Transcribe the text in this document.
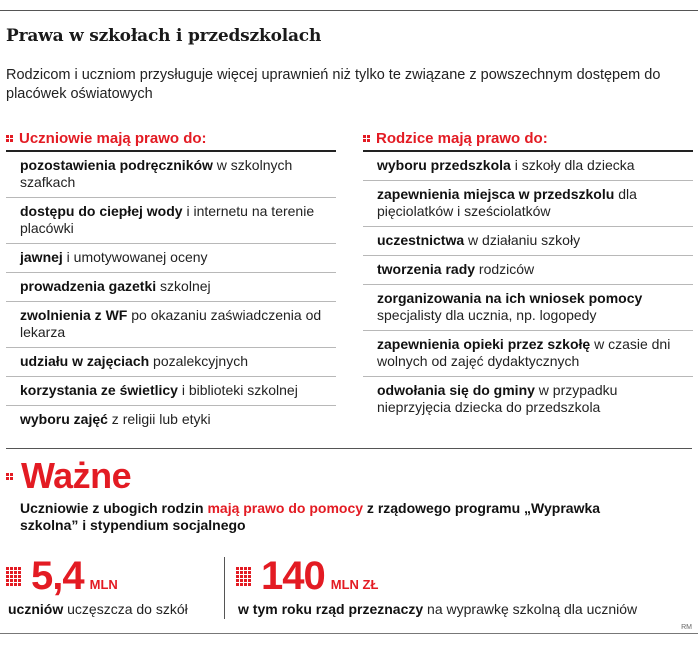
Prawa w szkołach i przedszkolach

Rodzicom i uczniom przysługuje więcej uprawnień niż tylko te związane z powszechnym dostępem do placówek oświatowych

Uczniowie mają prawo do:
pozostawienia podręczników w szkolnych szafkach
dostępu do ciepłej wody i internetu na terenie placówki
jawnej i umotywowanej oceny
prowadzenia gazetki szkolnej
zwolnienia z WF po okazaniu zaświadczenia od lekarza
udziału w zajęciach pozalekcyjnych
korzystania ze świetlicy i biblioteki szkolnej
wyboru zajęć z religii lub etyki
Rodzice mają prawo do:
wyboru przedszkola i szkoły dla dziecka
zapewnienia miejsca w przedszkolu dla pięciolatków i sześciolatków
uczestnictwa w działaniu szkoły
tworzenia rady rodziców
zorganizowania na ich wniosek pomocy specjalisty dla ucznia, np. logopedy
zapewnienia opieki przez szkołę w czasie dni wolnych od zajęć dydaktycznych
odwołania się do gminy w przypadku nieprzyjęcia dziecka do przedszkola
Ważne

Uczniowie z ubogich rodzin mają prawo do pomocy z rządowego programu „Wyprawka szkolna” i stypendium socjalnego

5,4 MLN
uczniów uczęszcza do szkół
140 MLN ZŁ
w tym roku rząd przeznaczy na wyprawkę szkolną dla uczniów
RM
